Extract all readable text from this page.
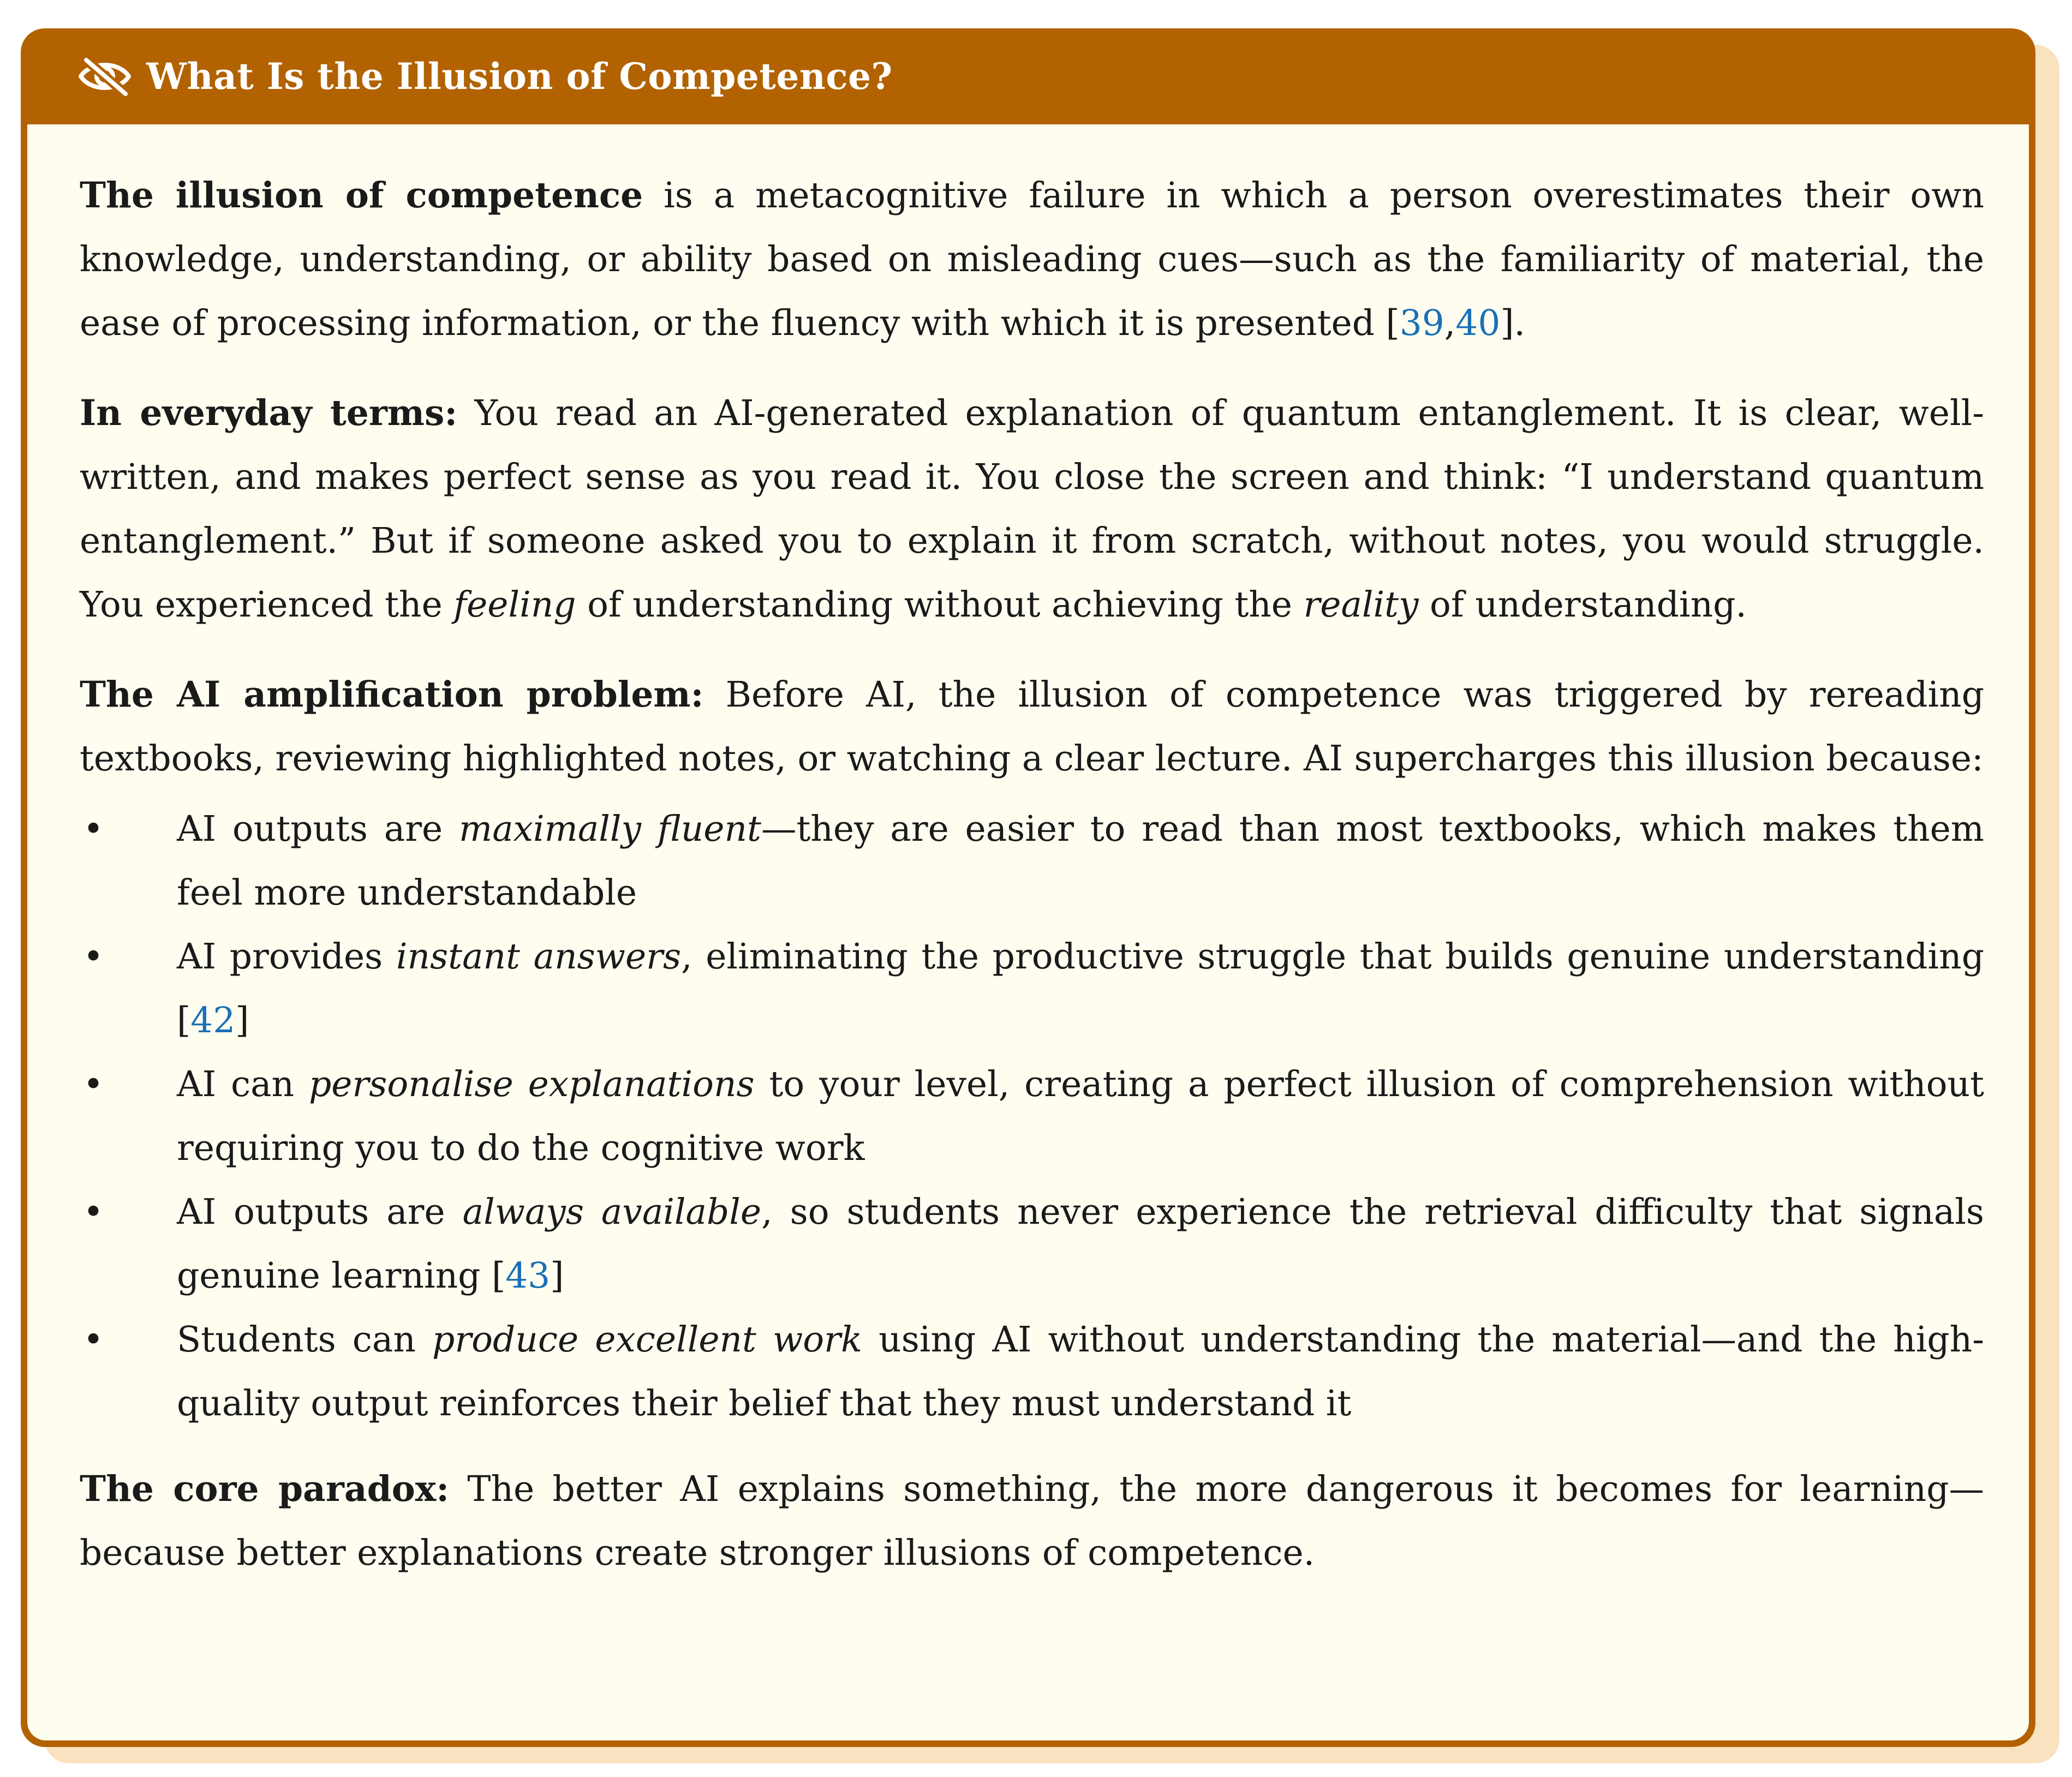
What Is the Illusion of Competence?

The illusion of competence is a metacognitive failure in which a person overestimates their own knowledge, understanding, or ability based on misleading cues—such as the familiarity of material, the ease of processing information, or the fluency with which it is presented [39,40].

In everyday terms: You read an AI-generated explanation of quantum entanglement. It is clear, well-written, and makes perfect sense as you read it. You close the screen and think: “I understand quantum entanglement.” But if someone asked you to explain it from scratch, without notes, you would struggle. You experienced the feeling of understanding without achieving the reality of understanding.

The AI amplification problem: Before AI, the illusion of competence was triggered by rereading textbooks, reviewing highlighted notes, or watching a clear lecture. AI supercharges this illusion because:

•	AI outputs are maximally fluent—they are easier to read than most textbooks, which makes them feel more understandable
•	AI provides instant answers, eliminating the productive struggle that builds genuine understanding [42]
•	AI can personalise explanations to your level, creating a perfect illusion of comprehension without requiring you to do the cognitive work
•	AI outputs are always available, so students never experience the retrieval difficulty that signals genuine learning [43]
•	Students can produce excellent work using AI without understanding the material—and the high-quality output reinforces their belief that they must understand it

The core paradox: The better AI explains something, the more dangerous it becomes for learning—because better explanations create stronger illusions of competence.
